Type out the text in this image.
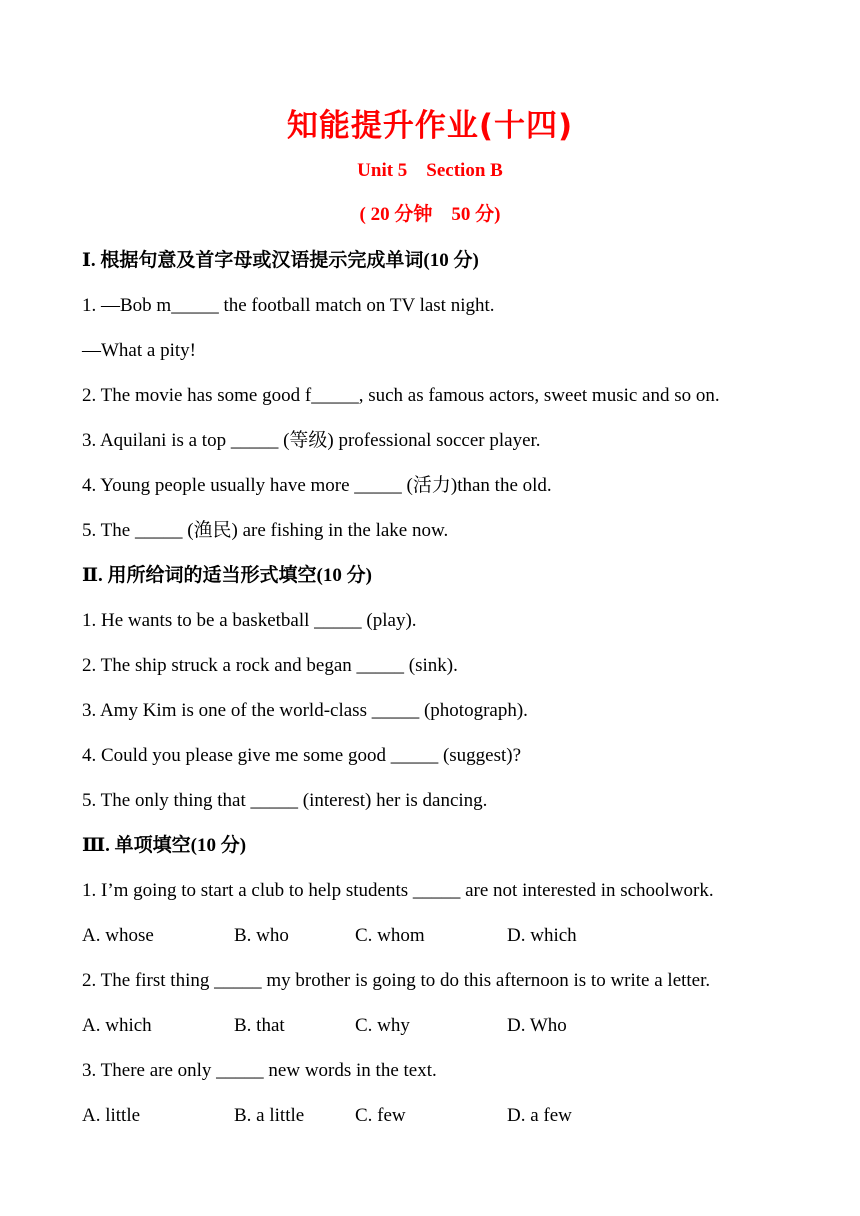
知能提升作业(十四)
Unit 5    Section B
( 20 分钟    50 分)
Ⅰ. 根据句意及首字母或汉语提示完成单词(10 分)
1. —Bob m_____ the football match on TV last night.
—What a pity!
2. The movie has some good f_____, such as famous actors, sweet music and so on.
3. Aquilani is a top _____ (等级) professional soccer player.
4. Young people usually have more _____ (活力)than the old.
5. The _____ (渔民) are fishing in the lake now.
Ⅱ. 用所给词的适当形式填空(10 分)
1. He wants to be a basketball _____ (play).
2. The ship struck a rock and began _____ (sink).
3. Amy Kim is one of the world-class _____ (photograph).
4. Could you please give me some good _____ (suggest)?
5. The only thing that _____ (interest) her is dancing.
Ⅲ. 单项填空(10 分)
1. I’m going to start a club to help students _____ are not interested in schoolwork.
A. whose	B. who	C. whom	D. which
2. The first thing _____ my brother is going to do this afternoon is to write a letter.
A. which	B. that	C. why	D. Who
3. There are only _____ new words in the text.
A. little	B. a little	C. few	D. a few
